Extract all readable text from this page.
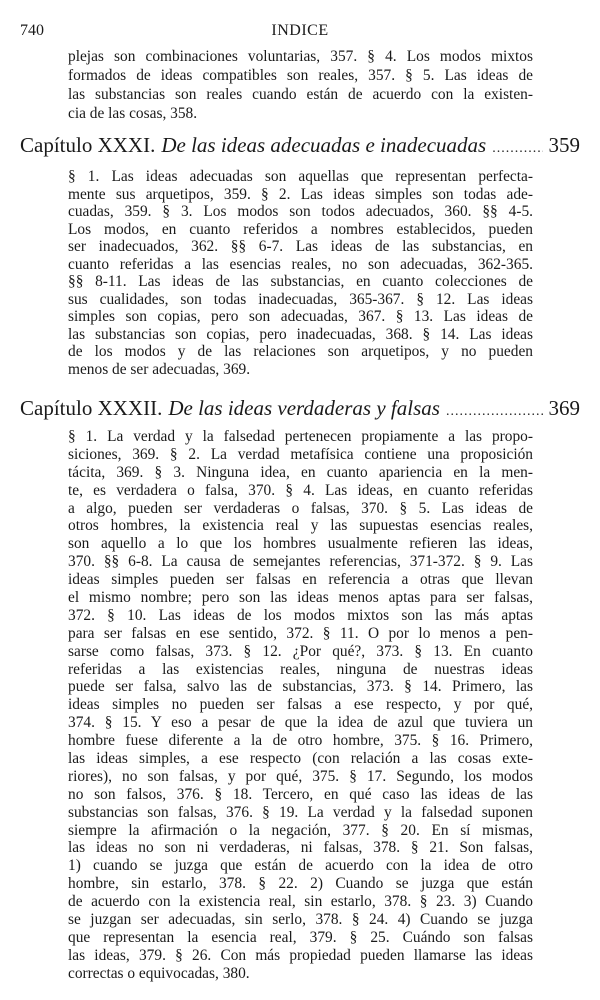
740	INDICE
plejas son combinaciones voluntarias, 357. § 4. Los modos mixtos
formados de ideas compatibles son reales, 357. § 5. Las ideas de
las substancias son reales cuando están de acuerdo con la existen-
cia de las cosas, 358.
Capítulo XXXI. De las ideas adecuadas e inadecuadas .....	359
§ 1. Las ideas adecuadas son aquellas que representan perfecta-
mente sus arquetipos, 359. § 2. Las ideas simples son todas ade-
cuadas, 359. § 3. Los modos son todos adecuados, 360. §§ 4-5.
Los modos, en cuanto referidos a nombres establecidos, pueden
ser inadecuados, 362. §§ 6-7. Las ideas de las substancias, en
cuanto referidas a las esencias reales, no son adecuadas, 362-365.
§§ 8-11. Las ideas de las substancias, en cuanto colecciones de
sus cualidades, son todas inadecuadas, 365-367. § 12. Las ideas
simples son copias, pero son adecuadas, 367. § 13. Las ideas de
las substancias son copias, pero inadecuadas, 368. § 14. Las ideas
de los modos y de las relaciones son arquetipos, y no pueden
menos de ser adecuadas, 369.
Capítulo XXXII. De las ideas verdaderas y falsas .....	369
§ 1. La verdad y la falsedad pertenecen propiamente a las propo-
siciones, 369. § 2. La verdad metafísica contiene una proposición
tácita, 369. § 3. Ninguna idea, en cuanto apariencia en la men-
te, es verdadera o falsa, 370. § 4. Las ideas, en cuanto referidas
a algo, pueden ser verdaderas o falsas, 370. § 5. Las ideas de
otros hombres, la existencia real y las supuestas esencias reales,
son aquello a lo que los hombres usualmente refieren las ideas,
370. §§ 6-8. La causa de semejantes referencias, 371-372. § 9. Las
ideas simples pueden ser falsas en referencia a otras que llevan
el mismo nombre; pero son las ideas menos aptas para ser falsas,
372. § 10. Las ideas de los modos mixtos son las más aptas
para ser falsas en ese sentido, 372. § 11. O por lo menos a pen-
sarse como falsas, 373. § 12. ¿Por qué?, 373. § 13. En cuanto
referidas a las existencias reales, ninguna de nuestras ideas
puede ser falsa, salvo las de substancias, 373. § 14. Primero, las
ideas simples no pueden ser falsas a ese respecto, y por qué,
374. § 15. Y eso a pesar de que la idea de azul que tuviera un
hombre fuese diferente a la de otro hombre, 375. § 16. Primero,
las ideas simples, a ese respecto (con relación a las cosas exte-
riores), no son falsas, y por qué, 375. § 17. Segundo, los modos
no son falsos, 376. § 18. Tercero, en qué caso las ideas de las
substancias son falsas, 376. § 19. La verdad y la falsedad suponen
siempre la afirmación o la negación, 377. § 20. En sí mismas,
las ideas no son ni verdaderas, ni falsas, 378. § 21. Son falsas,
1) cuando se juzga que están de acuerdo con la idea de otro
hombre, sin estarlo, 378. § 22. 2) Cuando se juzga que están
de acuerdo con la existencia real, sin estarlo, 378. § 23. 3) Cuando
se juzgan ser adecuadas, sin serlo, 378. § 24. 4) Cuando se juzga
que representan la esencia real, 379. § 25. Cuándo son falsas
las ideas, 379. § 26. Con más propiedad pueden llamarse las ideas
correctas o equivocadas, 380.
